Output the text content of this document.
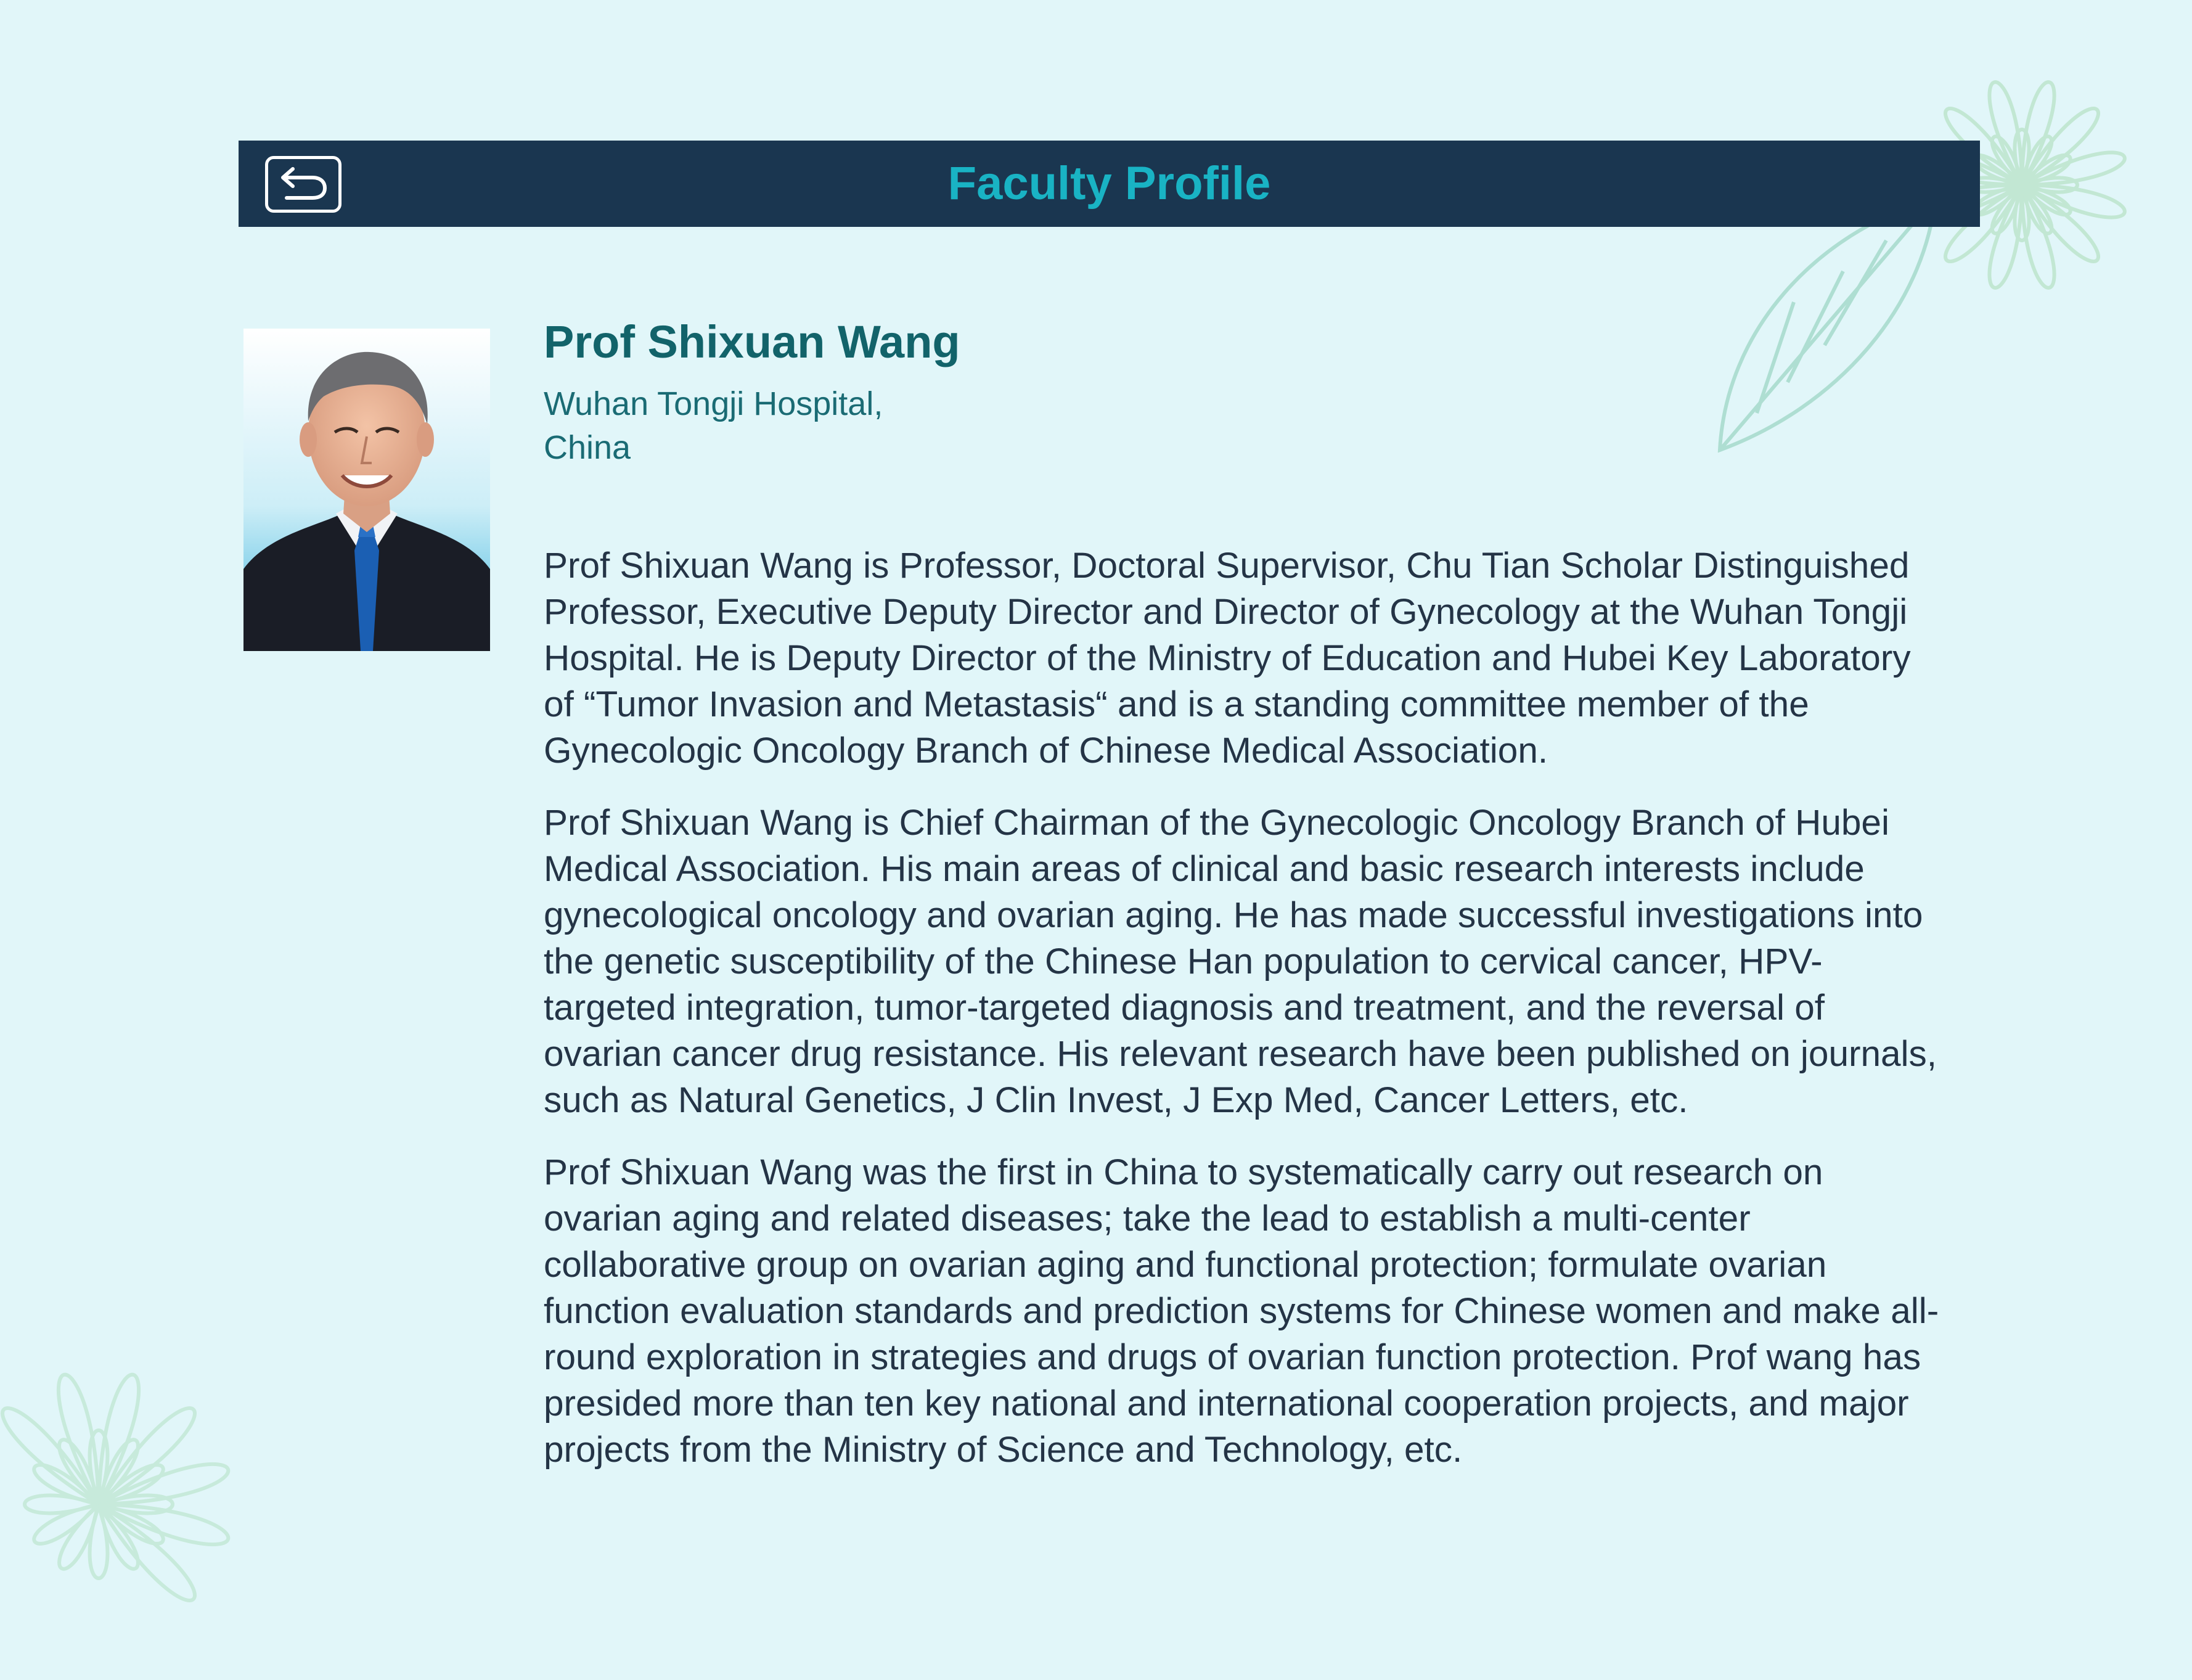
Faculty Profile
Prof Shixuan Wang
Wuhan Tongji Hospital,
China
Prof Shixuan Wang is Professor, Doctoral Supervisor, Chu Tian Scholar Distinguished
Professor, Executive Deputy Director and Director of Gynecology at the Wuhan Tongji
Hospital. He is Deputy Director of the Ministry of Education and Hubei Key Laboratory
of “Tumor Invasion and Metastasis“ and is a standing committee member of the
Gynecologic Oncology Branch of Chinese Medical Association.
Prof Shixuan Wang is Chief Chairman of the Gynecologic Oncology Branch of Hubei
Medical Association. His main areas of clinical and basic research interests include
gynecological oncology and ovarian aging. He has made successful investigations into
the genetic susceptibility of the Chinese Han population to cervical cancer, HPV-
targeted integration, tumor-targeted diagnosis and treatment, and the reversal of
ovarian cancer drug resistance. His relevant research have been published on journals,
such as Natural Genetics, J Clin Invest, J Exp Med, Cancer Letters, etc.
Prof Shixuan Wang was the first in China to systematically carry out research on
ovarian aging and related diseases; take the lead to establish a multi-center
collaborative group on ovarian aging and functional protection; formulate ovarian
function evaluation standards and prediction systems for Chinese women and make all-
round exploration in strategies and drugs of ovarian function protection. Prof wang has
presided more than ten key national and international cooperation projects, and major
projects from the Ministry of Science and Technology, etc.
